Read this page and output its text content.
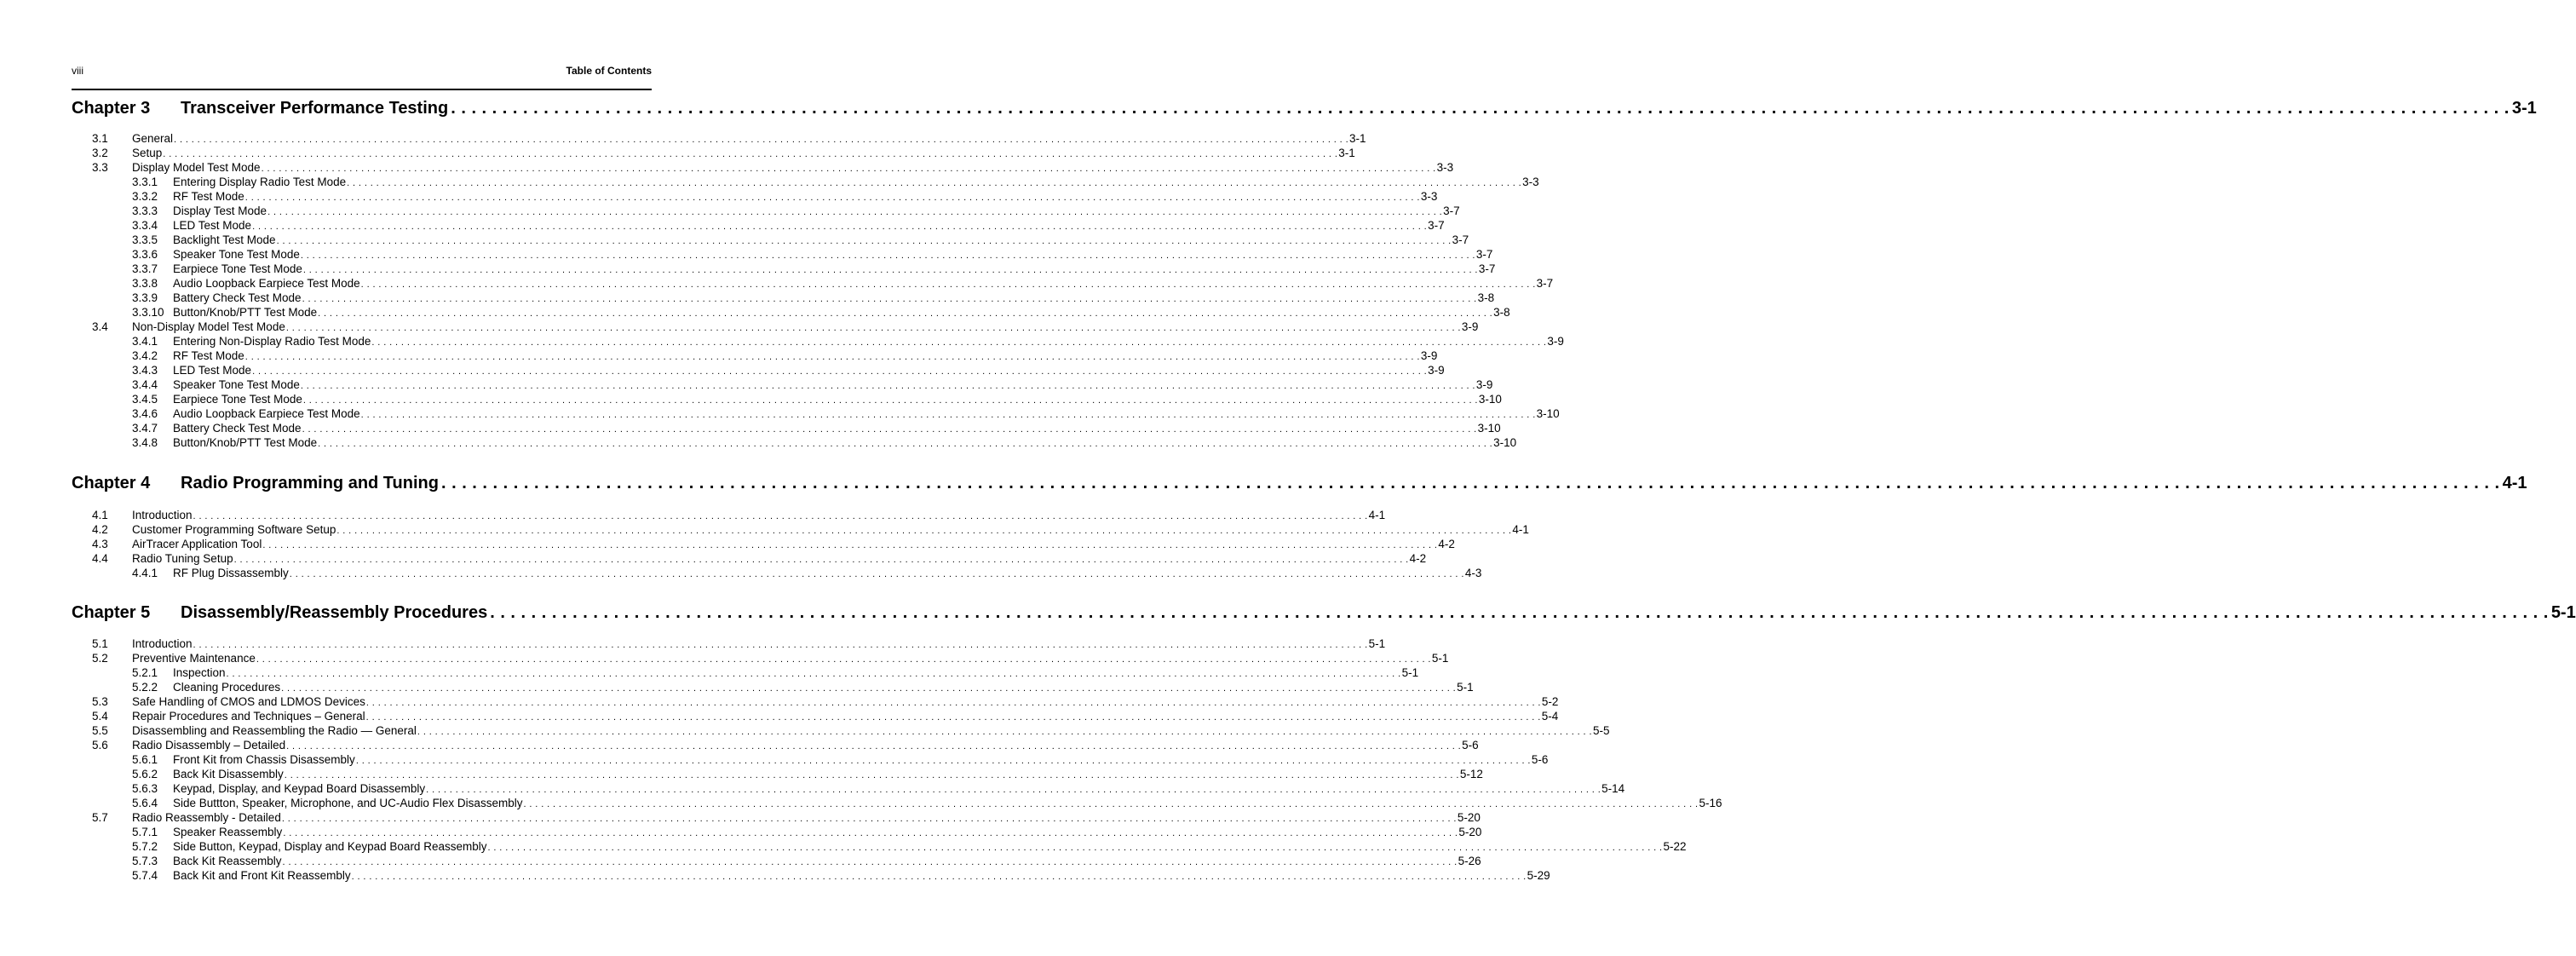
viii	Table of Contents
Chapter 3	Transceiver Performance Testing . . . . . . . . . . . . . . . . . . . . . . . . . . . . . . . . . . . . . . . . . . . . . . . . . . . . . . . . . . . . . . . . . . . . . . . . . . . . . . . . . . . . . . . . . . . . . . . . . . . . . . . . . . . . . . . . . . . . . . . . . . . . . . . . . . . . . . . . . . . . . . . . . . . . . . . . . . . . . . . . . . . . . . . . . . . . . . . . . . . . . . . . . . . . . . . . . . . . . . . . 3-1
3.1	General . . . . . . . . . . . . . . . . . . . . . . . . . . . . . . . . . . . . . . . . . . . . . . . . . . . . . . . . . . . . . . . . . . . . . . . . . . . . . . . . . . . . . . . . . . . . . . . . . . . . . . . . . . . . . . . . . . . . . . . . . . . . . . . . . . . . . . . . . . . . . . . . . . . . . . . . . . . . . . . . . . . . . . . . . . . . . . . . . . . . . . . . . . . . . . . . . . . . . . . . 3-1
3.2	Setup . . . . . . . . . . . . . . . . . . . . . . . . . . . . . . . . . . . . . . . . . . . . . . . . . . . . . . . . . . . . . . . . . . . . . . . . . . . . . . . . . . . . . . . . . . . . . . . . . . . . . . . . . . . . . . . . . . . . . . . . . . . . . . . . . . . . . . . . . . . . . . . . . . . . . . . . . . . . . . . . . . . . . . . . . . . . . . . . . . . . . . . . . . . . . . . . . . . . . . . . 3-1
3.3	Display Model Test Mode . . . . . . . . . . . . . . . . . . . . . . . . . . . . . . . . . . . . . . . . . . . . . . . . . . . . . . . . . . . . . . . . . . . . . . . . . . . . . . . . . . . . . . . . . . . . . . . . . . . . . . . . . . . . . . . . . . . . . . . . . . . . . . . . . . . . . . . . . . . . . . . . . . . . . . . . . . . . . . . . . . . . . . . . . . . . . . . . . . . . . . . . . . . . . . . . . . . . . . . . 3-3
3.3.1	Entering Display Radio Test Mode . . . . . . . . . . . . . . . . . . . . . . . . . . . . . . . . . . . . . . . . . . . . . . . . . . . . . . . . . . . . . . . . . . . . . . . . . . . . . . . . . . . . . . . . . . . . . . . . . . . . . . . . . . . . . . . . . . . . . . . . . . . . . . . . . . . . . . . . . . . . . . . . . . . . . . . . . . . . . . . . . . . . . . . . . . . . . . . . . . . . . . . . . . . . . . . . . . . . . . . . 3-3
3.3.2	RF Test Mode . . . . . . . . . . . . . . . . . . . . . . . . . . . . . . . . . . . . . . . . . . . . . . . . . . . . . . . . . . . . . . . . . . . . . . . . . . . . . . . . . . . . . . . . . . . . . . . . . . . . . . . . . . . . . . . . . . . . . . . . . . . . . . . . . . . . . . . . . . . . . . . . . . . . . . . . . . . . . . . . . . . . . . . . . . . . . . . . . . . . . . . . . . . . . . . . . . . . . . . . 3-3
3.3.3	Display Test Mode . . . . . . . . . . . . . . . . . . . . . . . . . . . . . . . . . . . . . . . . . . . . . . . . . . . . . . . . . . . . . . . . . . . . . . . . . . . . . . . . . . . . . . . . . . . . . . . . . . . . . . . . . . . . . . . . . . . . . . . . . . . . . . . . . . . . . . . . . . . . . . . . . . . . . . . . . . . . . . . . . . . . . . . . . . . . . . . . . . . . . . . . . . . . . . . . . . . . . . . . 3-7
3.3.4	LED Test Mode . . . . . . . . . . . . . . . . . . . . . . . . . . . . . . . . . . . . . . . . . . . . . . . . . . . . . . . . . . . . . . . . . . . . . . . . . . . . . . . . . . . . . . . . . . . . . . . . . . . . . . . . . . . . . . . . . . . . . . . . . . . . . . . . . . . . . . . . . . . . . . . . . . . . . . . . . . . . . . . . . . . . . . . . . . . . . . . . . . . . . . . . . . . . . . . . . . . . . . . . 3-7
3.3.5	Backlight Test Mode . . . . . . . . . . . . . . . . . . . . . . . . . . . . . . . . . . . . . . . . . . . . . . . . . . . . . . . . . . . . . . . . . . . . . . . . . . . . . . . . . . . . . . . . . . . . . . . . . . . . . . . . . . . . . . . . . . . . . . . . . . . . . . . . . . . . . . . . . . . . . . . . . . . . . . . . . . . . . . . . . . . . . . . . . . . . . . . . . . . . . . . . . . . . . . . . . . . . . . . . 3-7
3.3.6	Speaker Tone Test Mode . . . . . . . . . . . . . . . . . . . . . . . . . . . . . . . . . . . . . . . . . . . . . . . . . . . . . . . . . . . . . . . . . . . . . . . . . . . . . . . . . . . . . . . . . . . . . . . . . . . . . . . . . . . . . . . . . . . . . . . . . . . . . . . . . . . . . . . . . . . . . . . . . . . . . . . . . . . . . . . . . . . . . . . . . . . . . . . . . . . . . . . . . . . . . . . . . . . . . . . . 3-7
3.3.7	Earpiece Tone Test Mode . . . . . . . . . . . . . . . . . . . . . . . . . . . . . . . . . . . . . . . . . . . . . . . . . . . . . . . . . . . . . . . . . . . . . . . . . . . . . . . . . . . . . . . . . . . . . . . . . . . . . . . . . . . . . . . . . . . . . . . . . . . . . . . . . . . . . . . . . . . . . . . . . . . . . . . . . . . . . . . . . . . . . . . . . . . . . . . . . . . . . . . . . . . . . . . . . . . . . . . . 3-7
3.3.8	Audio Loopback Earpiece Test Mode . . . . . . . . . . . . . . . . . . . . . . . . . . . . . . . . . . . . . . . . . . . . . . . . . . . . . . . . . . . . . . . . . . . . . . . . . . . . . . . . . . . . . . . . . . . . . . . . . . . . . . . . . . . . . . . . . . . . . . . . . . . . . . . . . . . . . . . . . . . . . . . . . . . . . . . . . . . . . . . . . . . . . . . . . . . . . . . . . . . . . . . . . . . . . . . . . . . . . . . . 3-7
3.3.9	Battery Check Test Mode . . . . . . . . . . . . . . . . . . . . . . . . . . . . . . . . . . . . . . . . . . . . . . . . . . . . . . . . . . . . . . . . . . . . . . . . . . . . . . . . . . . . . . . . . . . . . . . . . . . . . . . . . . . . . . . . . . . . . . . . . . . . . . . . . . . . . . . . . . . . . . . . . . . . . . . . . . . . . . . . . . . . . . . . . . . . . . . . . . . . . . . . . . . . . . . . . . . . . . . . 3-8
3.3.10 Button/Knob/PTT Test Mode . . . . . . . . . . . . . . . . . . . . . . . . . . . . . . . . . . . . . . . . . . . . . . . . . . . . . . . . . . . . . . . . . . . . . . . . . . . . . . . . . . . . . . . . . . . . . . . . . . . . . . . . . . . . . . . . . . . . . . . . . . . . . . . . . . . . . . . . . . . . . . . . . . . . . . . . . . . . . . . . . . . . . . . . . . . . . . . . . . . . . . . . . . . . . . . . . . . . . . . . 3-8
3.4	Non-Display Model Test Mode . . . . . . . . . . . . . . . . . . . . . . . . . . . . . . . . . . . . . . . . . . . . . . . . . . . . . . . . . . . . . . . . . . . . . . . . . . . . . . . . . . . . . . . . . . . . . . . . . . . . . . . . . . . . . . . . . . . . . . . . . . . . . . . . . . . . . . . . . . . . . . . . . . . . . . . . . . . . . . . . . . . . . . . . . . . . . . . . . . . . . . . . . . . . . . . . . . . . . . . . 3-9
3.4.1	Entering Non-Display Radio Test Mode . . . . . . . . . . . . . . . . . . . . . . . . . . . . . . . . . . . . . . . . . . . . . . . . . . . . . . . . . . . . . . . . . . . . . . . . . . . . . . . . . . . . . . . . . . . . . . . . . . . . . . . . . . . . . . . . . . . . . . . . . . . . . . . . . . . . . . . . . . . . . . . . . . . . . . . . . . . . . . . . . . . . . . . . . . . . . . . . . . . . . . . . . . . . . . . . . . . . . . . . 3-9
3.4.2	RF Test Mode . . . . . . . . . . . . . . . . . . . . . . . . . . . . . . . . . . . . . . . . . . . . . . . . . . . . . . . . . . . . . . . . . . . . . . . . . . . . . . . . . . . . . . . . . . . . . . . . . . . . . . . . . . . . . . . . . . . . . . . . . . . . . . . . . . . . . . . . . . . . . . . . . . . . . . . . . . . . . . . . . . . . . . . . . . . . . . . . . . . . . . . . . . . . . . . . . . . . . . . . 3-9
3.4.3	LED Test Mode . . . . . . . . . . . . . . . . . . . . . . . . . . . . . . . . . . . . . . . . . . . . . . . . . . . . . . . . . . . . . . . . . . . . . . . . . . . . . . . . . . . . . . . . . . . . . . . . . . . . . . . . . . . . . . . . . . . . . . . . . . . . . . . . . . . . . . . . . . . . . . . . . . . . . . . . . . . . . . . . . . . . . . . . . . . . . . . . . . . . . . . . . . . . . . . . . . . . . . . . 3-9
3.4.4	Speaker Tone Test Mode . . . . . . . . . . . . . . . . . . . . . . . . . . . . . . . . . . . . . . . . . . . . . . . . . . . . . . . . . . . . . . . . . . . . . . . . . . . . . . . . . . . . . . . . . . . . . . . . . . . . . . . . . . . . . . . . . . . . . . . . . . . . . . . . . . . . . . . . . . . . . . . . . . . . . . . . . . . . . . . . . . . . . . . . . . . . . . . . . . . . . . . . . . . . . . . . . . . . . . . . 3-9
3.4.5	Earpiece Tone Test Mode . . . . . . . . . . . . . . . . . . . . . . . . . . . . . . . . . . . . . . . . . . . . . . . . . . . . . . . . . . . . . . . . . . . . . . . . . . . . . . . . . . . . . . . . . . . . . . . . . . . . . . . . . . . . . . . . . . . . . . . . . . . . . . . . . . . . . . . . . . . . . . . . . . . . . . . . . . . . . . . . . . . . . . . . . . . . . . . . . . . . . . . . . . . . . . . . . . . . . . . . 3-10
3.4.6	Audio Loopback Earpiece Test Mode . . . . . . . . . . . . . . . . . . . . . . . . . . . . . . . . . . . . . . . . . . . . . . . . . . . . . . . . . . . . . . . . . . . . . . . . . . . . . . . . . . . . . . . . . . . . . . . . . . . . . . . . . . . . . . . . . . . . . . . . . . . . . . . . . . . . . . . . . . . . . . . . . . . . . . . . . . . . . . . . . . . . . . . . . . . . . . . . . . . . . . . . . . . . . . . . . . . . . . . . 3-10
3.4.7	Battery Check Test Mode . . . . . . . . . . . . . . . . . . . . . . . . . . . . . . . . . . . . . . . . . . . . . . . . . . . . . . . . . . . . . . . . . . . . . . . . . . . . . . . . . . . . . . . . . . . . . . . . . . . . . . . . . . . . . . . . . . . . . . . . . . . . . . . . . . . . . . . . . . . . . . . . . . . . . . . . . . . . . . . . . . . . . . . . . . . . . . . . . . . . . . . . . . . . . . . . . . . . . . . . 3-10
3.4.8	Button/Knob/PTT Test Mode . . . . . . . . . . . . . . . . . . . . . . . . . . . . . . . . . . . . . . . . . . . . . . . . . . . . . . . . . . . . . . . . . . . . . . . . . . . . . . . . . . . . . . . . . . . . . . . . . . . . . . . . . . . . . . . . . . . . . . . . . . . . . . . . . . . . . . . . . . . . . . . . . . . . . . . . . . . . . . . . . . . . . . . . . . . . . . . . . . . . . . . . . . . . . . . . . . . . . . . . 3-10
Chapter 4	Radio Programming and Tuning . . . . . . . . . . . . . . . . . . . . . . . . . . . . . . . . . . . . . . . . . . . . . . . . . . . . . . . . . . . . . . . . . . . . . . . . . . . . . . . . . . . . . . . . . . . . . . . . . . . . . . . . . . . . . . . . . . . . . . . . . . . . . . . . . . . . . . . . . . . . . . . . . . . . . . . . . . . . . . . . . . . . . . . . . . . . . . . . . . . . . . . . . . . . . . . . . . . . . . . . 4-1
4.1	Introduction . . . . . . . . . . . . . . . . . . . . . . . . . . . . . . . . . . . . . . . . . . . . . . . . . . . . . . . . . . . . . . . . . . . . . . . . . . . . . . . . . . . . . . . . . . . . . . . . . . . . . . . . . . . . . . . . . . . . . . . . . . . . . . . . . . . . . . . . . . . . . . . . . . . . . . . . . . . . . . . . . . . . . . . . . . . . . . . . . . . . . . . . . . . . . . . . . . . . . . . . 4-1
4.2	Customer Programming Software Setup . . . . . . . . . . . . . . . . . . . . . . . . . . . . . . . . . . . . . . . . . . . . . . . . . . . . . . . . . . . . . . . . . . . . . . . . . . . . . . . . . . . . . . . . . . . . . . . . . . . . . . . . . . . . . . . . . . . . . . . . . . . . . . . . . . . . . . . . . . . . . . . . . . . . . . . . . . . . . . . . . . . . . . . . . . . . . . . . . . . . . . . . . . . . . . . . . . . . . . . . 4-1
4.3	AirTracer Application Tool . . . . . . . . . . . . . . . . . . . . . . . . . . . . . . . . . . . . . . . . . . . . . . . . . . . . . . . . . . . . . . . . . . . . . . . . . . . . . . . . . . . . . . . . . . . . . . . . . . . . . . . . . . . . . . . . . . . . . . . . . . . . . . . . . . . . . . . . . . . . . . . . . . . . . . . . . . . . . . . . . . . . . . . . . . . . . . . . . . . . . . . . . . . . . . . . . . . . . . . . 4-2
4.4	Radio Tuning Setup . . . . . . . . . . . . . . . . . . . . . . . . . . . . . . . . . . . . . . . . . . . . . . . . . . . . . . . . . . . . . . . . . . . . . . . . . . . . . . . . . . . . . . . . . . . . . . . . . . . . . . . . . . . . . . . . . . . . . . . . . . . . . . . . . . . . . . . . . . . . . . . . . . . . . . . . . . . . . . . . . . . . . . . . . . . . . . . . . . . . . . . . . . . . . . . . . . . . . . . . 4-2
4.4.1	RF Plug Dissassembly . . . . . . . . . . . . . . . . . . . . . . . . . . . . . . . . . . . . . . . . . . . . . . . . . . . . . . . . . . . . . . . . . . . . . . . . . . . . . . . . . . . . . . . . . . . . . . . . . . . . . . . . . . . . . . . . . . . . . . . . . . . . . . . . . . . . . . . . . . . . . . . . . . . . . . . . . . . . . . . . . . . . . . . . . . . . . . . . . . . . . . . . . . . . . . . . . . . . . . . . 4-3
Chapter 5	Disassembly/Reassembly Procedures . . . . . . . . . . . . . . . . . . . . . . . . . . . . . . . . . . . . . . . . . . . . . . . . . . . . . . . . . . . . . . . . . . . . . . . . . . . . . . . . . . . . . . . . . . . . . . . . . . . . . . . . . . . . . . . . . . . . . . . . . . . . . . . . . . . . . . . . . . . . . . . . . . . . . . . . . . . . . . . . . . . . . . . . . . . . . . . . . . . . . . . . . . . . . . . . . . . . . . . . 5-1
5.1	Introduction . . . . . . . . . . . . . . . . . . . . . . . . . . . . . . . . . . . . . . . . . . . . . . . . . . . . . . . . . . . . . . . . . . . . . . . . . . . . . . . . . . . . . . . . . . . . . . . . . . . . . . . . . . . . . . . . . . . . . . . . . . . . . . . . . . . . . . . . . . . . . . . . . . . . . . . . . . . . . . . . . . . . . . . . . . . . . . . . . . . . . . . . . . . . . . . . . . . . . . . . 5-1
5.2	Preventive Maintenance . . . . . . . . . . . . . . . . . . . . . . . . . . . . . . . . . . . . . . . . . . . . . . . . . . . . . . . . . . . . . . . . . . . . . . . . . . . . . . . . . . . . . . . . . . . . . . . . . . . . . . . . . . . . . . . . . . . . . . . . . . . . . . . . . . . . . . . . . . . . . . . . . . . . . . . . . . . . . . . . . . . . . . . . . . . . . . . . . . . . . . . . . . . . . . . . . . . . . . . . 5-1
5.2.1	Inspection . . . . . . . . . . . . . . . . . . . . . . . . . . . . . . . . . . . . . . . . . . . . . . . . . . . . . . . . . . . . . . . . . . . . . . . . . . . . . . . . . . . . . . . . . . . . . . . . . . . . . . . . . . . . . . . . . . . . . . . . . . . . . . . . . . . . . . . . . . . . . . . . . . . . . . . . . . . . . . . . . . . . . . . . . . . . . . . . . . . . . . . . . . . . . . . . . . . . . . . . 5-1
5.2.2	Cleaning Procedures . . . . . . . . . . . . . . . . . . . . . . . . . . . . . . . . . . . . . . . . . . . . . . . . . . . . . . . . . . . . . . . . . . . . . . . . . . . . . . . . . . . . . . . . . . . . . . . . . . . . . . . . . . . . . . . . . . . . . . . . . . . . . . . . . . . . . . . . . . . . . . . . . . . . . . . . . . . . . . . . . . . . . . . . . . . . . . . . . . . . . . . . . . . . . . . . . . . . . . . . 5-1
5.3	Safe Handling of CMOS and LDMOS Devices . . . . . . . . . . . . . . . . . . . . . . . . . . . . . . . . . . . . . . . . . . . . . . . . . . . . . . . . . . . . . . . . . . . . . . . . . . . . . . . . . . . . . . . . . . . . . . . . . . . . . . . . . . . . . . . . . . . . . . . . . . . . . . . . . . . . . . . . . . . . . . . . . . . . . . . . . . . . . . . . . . . . . . . . . . . . . . . . . . . . . . . . . . . . . . . . . . . . . . . . 5-2
5.4	Repair Procedures and Techniques – General . . . . . . . . . . . . . . . . . . . . . . . . . . . . . . . . . . . . . . . . . . . . . . . . . . . . . . . . . . . . . . . . . . . . . . . . . . . . . . . . . . . . . . . . . . . . . . . . . . . . . . . . . . . . . . . . . . . . . . . . . . . . . . . . . . . . . . . . . . . . . . . . . . . . . . . . . . . . . . . . . . . . . . . . . . . . . . . . . . . . . . . . . . . . . . . . . . . . . . . . 5-4
5.5	Disassembling and Reassembling the Radio — General . . . . . . . . . . . . . . . . . . . . . . . . . . . . . . . . . . . . . . . . . . . . . . . . . . . . . . . . . . . . . . . . . . . . . . . . . . . . . . . . . . . . . . . . . . . . . . . . . . . . . . . . . . . . . . . . . . . . . . . . . . . . . . . . . . . . . . . . . . . . . . . . . . . . . . . . . . . . . . . . . . . . . . . . . . . . . . . . . . . . . . . . . . . . . . . . . . . . . . . . 5-5
5.6	Radio Disassembly – Detailed . . . . . . . . . . . . . . . . . . . . . . . . . . . . . . . . . . . . . . . . . . . . . . . . . . . . . . . . . . . . . . . . . . . . . . . . . . . . . . . . . . . . . . . . . . . . . . . . . . . . . . . . . . . . . . . . . . . . . . . . . . . . . . . . . . . . . . . . . . . . . . . . . . . . . . . . . . . . . . . . . . . . . . . . . . . . . . . . . . . . . . . . . . . . . . . . . . . . . . . . 5-6
5.6.1	Front Kit from Chassis Disassembly . . . . . . . . . . . . . . . . . . . . . . . . . . . . . . . . . . . . . . . . . . . . . . . . . . . . . . . . . . . . . . . . . . . . . . . . . . . . . . . . . . . . . . . . . . . . . . . . . . . . . . . . . . . . . . . . . . . . . . . . . . . . . . . . . . . . . . . . . . . . . . . . . . . . . . . . . . . . . . . . . . . . . . . . . . . . . . . . . . . . . . . . . . . . . . . . . . . . . . . . 5-6
5.6.2	Back Kit Disassembly . . . . . . . . . . . . . . . . . . . . . . . . . . . . . . . . . . . . . . . . . . . . . . . . . . . . . . . . . . . . . . . . . . . . . . . . . . . . . . . . . . . . . . . . . . . . . . . . . . . . . . . . . . . . . . . . . . . . . . . . . . . . . . . . . . . . . . . . . . . . . . . . . . . . . . . . . . . . . . . . . . . . . . . . . . . . . . . . . . . . . . . . . . . . . . . . . . . . . . . . 5-12
5.6.3	Keypad, Display, and Keypad Board Disassembly . . . . . . . . . . . . . . . . . . . . . . . . . . . . . . . . . . . . . . . . . . . . . . . . . . . . . . . . . . . . . . . . . . . . . . . . . . . . . . . . . . . . . . . . . . . . . . . . . . . . . . . . . . . . . . . . . . . . . . . . . . . . . . . . . . . . . . . . . . . . . . . . . . . . . . . . . . . . . . . . . . . . . . . . . . . . . . . . . . . . . . . . . . . . . . . . . . . . . . . . 5-14
5.6.4	Side Buttton, Speaker, Microphone, and UC-Audio Flex Disassembly . . . . . . . . . . . . . . . . . . . . . . . . . . . . . . . . . . . . . . . . . . . . . . . . . . . . . . . . . . . . . . . . . . . . . . . . . . . . . . . . . . . . . . . . . . . . . . . . . . . . . . . . . . . . . . . . . . . . . . . . . . . . . . . . . . . . . . . . . . . . . . . . . . . . . . . . . . . . . . . . . . . . . . . . . . . . . . . . . . . . . . . . . . . . . . . . . . . . . . . . 5-16
5.7	Radio Reassembly - Detailed . . . . . . . . . . . . . . . . . . . . . . . . . . . . . . . . . . . . . . . . . . . . . . . . . . . . . . . . . . . . . . . . . . . . . . . . . . . . . . . . . . . . . . . . . . . . . . . . . . . . . . . . . . . . . . . . . . . . . . . . . . . . . . . . . . . . . . . . . . . . . . . . . . . . . . . . . . . . . . . . . . . . . . . . . . . . . . . . . . . . . . . . . . . . . . . . . . . . . . . . 5-20
5.7.1	Speaker Reassembly . . . . . . . . . . . . . . . . . . . . . . . . . . . . . . . . . . . . . . . . . . . . . . . . . . . . . . . . . . . . . . . . . . . . . . . . . . . . . . . . . . . . . . . . . . . . . . . . . . . . . . . . . . . . . . . . . . . . . . . . . . . . . . . . . . . . . . . . . . . . . . . . . . . . . . . . . . . . . . . . . . . . . . . . . . . . . . . . . . . . . . . . . . . . . . . . . . . . . . . . 5-20
5.7.2	Side Button, Keypad, Display and Keypad Board Reassembly . . . . . . . . . . . . . . . . . . . . . . . . . . . . . . . . . . . . . . . . . . . . . . . . . . . . . . . . . . . . . . . . . . . . . . . . . . . . . . . . . . . . . . . . . . . . . . . . . . . . . . . . . . . . . . . . . . . . . . . . . . . . . . . . . . . . . . . . . . . . . . . . . . . . . . . . . . . . . . . . . . . . . . . . . . . . . . . . . . . . . . . . . . . . . . . . . . . . . . . . 5-22
5.7.3	Back Kit Reassembly . . . . . . . . . . . . . . . . . . . . . . . . . . . . . . . . . . . . . . . . . . . . . . . . . . . . . . . . . . . . . . . . . . . . . . . . . . . . . . . . . . . . . . . . . . . . . . . . . . . . . . . . . . . . . . . . . . . . . . . . . . . . . . . . . . . . . . . . . . . . . . . . . . . . . . . . . . . . . . . . . . . . . . . . . . . . . . . . . . . . . . . . . . . . . . . . . . . . . . . . 5-26
5.7.4	Back Kit and Front Kit Reassembly . . . . . . . . . . . . . . . . . . . . . . . . . . . . . . . . . . . . . . . . . . . . . . . . . . . . . . . . . . . . . . . . . . . . . . . . . . . . . . . . . . . . . . . . . . . . . . . . . . . . . . . . . . . . . . . . . . . . . . . . . . . . . . . . . . . . . . . . . . . . . . . . . . . . . . . . . . . . . . . . . . . . . . . . . . . . . . . . . . . . . . . . . . . . . . . . . . . . . . . . 5-29
